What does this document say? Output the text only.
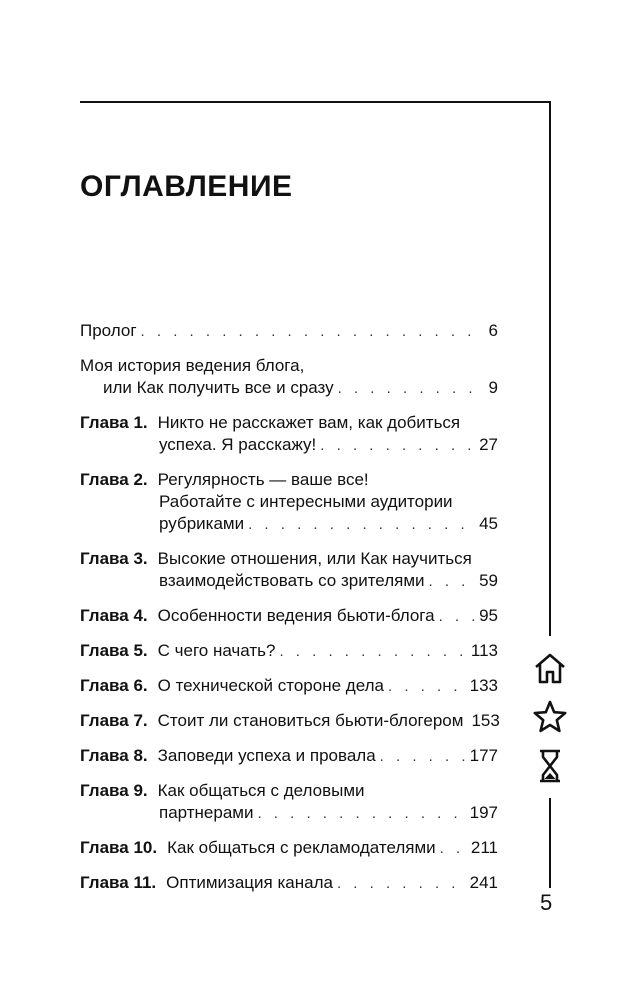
ОГЛАВЛЕНИЕ
Пролог . . .	6
Моя история ведения блога,
или Как получить все и сразу . . .	9
Глава 1. Никто не расскажет вам, как добиться
успеха. Я расскажу! . . .	27
Глава 2. Регулярность — ваше все!
Работайте с интересными аудитории
рубриками . . .	45
Глава 3. Высокие отношения, или Как научиться
взаимодействовать со зрителями . . .	59
Глава 4. Особенности ведения бьюти-блога . . .	95
Глава 5. С чего начать? . . .	113
Глава 6. О технической стороне дела . . .	133
Глава 7. Стоит ли становиться бьюти-блогером 153
Глава 8. Заповеди успеха и провала . . .	177
Глава 9. Как общаться с деловыми
партнерами . . .	197
Глава 10. Как общаться с рекламодателями . . . 211
Глава 11. Оптимизация канала . . .	241
5
